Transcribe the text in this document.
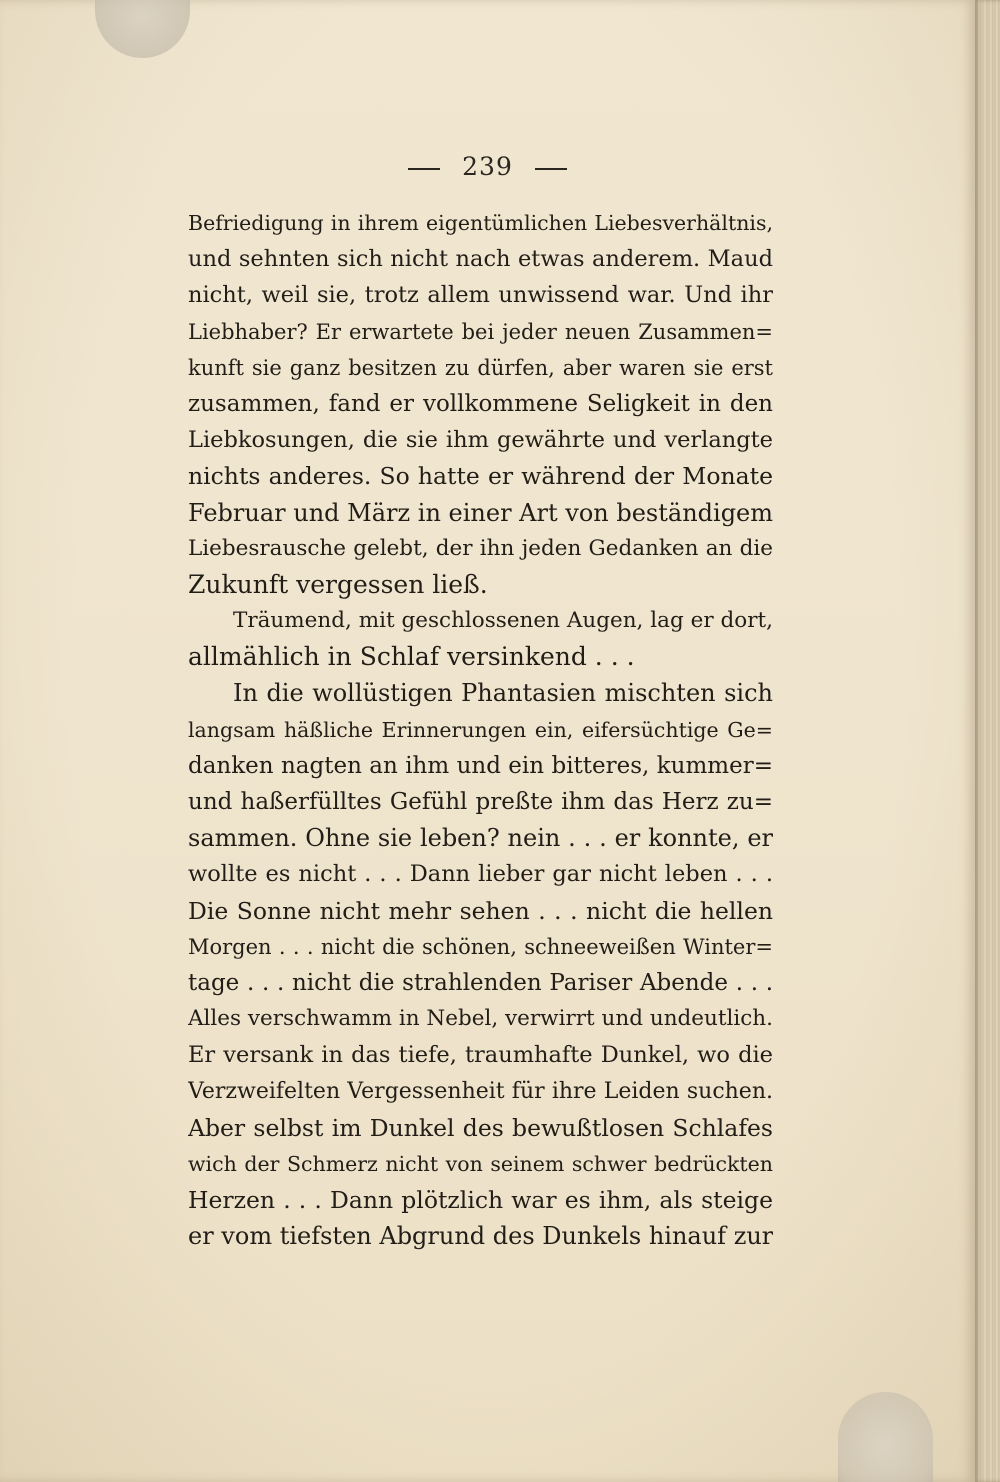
239
Befriedigung in ihrem eigentümlichen Liebesverhältnis,
und sehnten sich nicht nach etwas anderem. Maud
nicht, weil sie, trotz allem unwissend war. Und ihr
Liebhaber? Er erwartete bei jeder neuen Zusammen=
kunft sie ganz besitzen zu dürfen, aber waren sie erst
zusammen, fand er vollkommene Seligkeit in den
Liebkosungen, die sie ihm gewährte und verlangte
nichts anderes. So hatte er während der Monate
Februar und März in einer Art von beständigem
Liebesrausche gelebt, der ihn jeden Gedanken an die
Zukunft vergessen ließ.
Träumend, mit geschlossenen Augen, lag er dort,
allmählich in Schlaf versinkend . . .
In die wollüstigen Phantasien mischten sich
langsam häßliche Erinnerungen ein, eifersüchtige Ge=
danken nagten an ihm und ein bitteres, kummer=
und haßerfülltes Gefühl preßte ihm das Herz zu=
sammen. Ohne sie leben? nein . . . er konnte, er
wollte es nicht . . . Dann lieber gar nicht leben . . .
Die Sonne nicht mehr sehen . . . nicht die hellen
Morgen . . . nicht die schönen, schneeweißen Winter=
tage . . . nicht die strahlenden Pariser Abende . . .
Alles verschwamm in Nebel, verwirrt und undeutlich.
Er versank in das tiefe, traumhafte Dunkel, wo die
Verzweifelten Vergessenheit für ihre Leiden suchen.
Aber selbst im Dunkel des bewußtlosen Schlafes
wich der Schmerz nicht von seinem schwer bedrückten
Herzen . . . Dann plötzlich war es ihm, als steige
er vom tiefsten Abgrund des Dunkels hinauf zur
